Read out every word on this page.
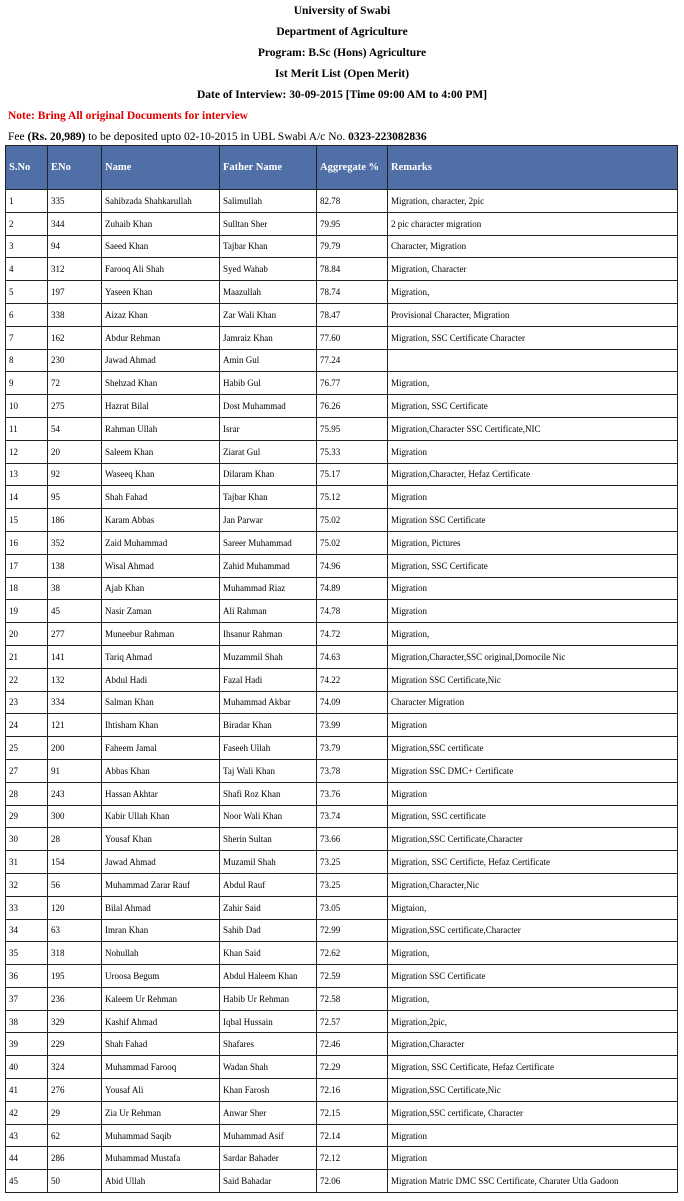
University of Swabi

Department of Agriculture

Program: B.Sc (Hons) Agriculture

Ist Merit List (Open Merit)

Date of Interview: 30-09-2015 [Time 09:00 AM to 4:00 PM]

Note: Bring All original Documents for interview

Fee (Rs. 20,989) to be deposited upto 02-10-2015 in UBL Swabi A/c No. 0323-223082836

S.No	ENo	Name	Father Name	Aggregate %	Remarks
1	335	Sahibzada Shahkarullah	Salimullah	82.78	Migration, character, 2pic
2	344	Zuhaib Khan	Sulltan Sher	79.95	2 pic character migration
3	94	Saeed Khan	Tajbar Khan	79.79	Character, Migration
4	312	Farooq Ali Shah	Syed Wahab	78.84	Migration, Character
5	197	Yaseen Khan	Maazullah	78.74	Migration,
6	338	Aizaz Khan	Zar Wali Khan	78.47	Provisional Character, Migration
7	162	Abdur Rehman	Jamraiz Khan	77.60	Migration, SSC Certificate Character
8	230	Jawad Ahmad	Amin Gul	77.24	
9	72	Shehzad Khan	Habib Gul	76.77	Migration,
10	275	Hazrat Bilal	Dost Muhammad	76.26	Migration, SSC Certificate
11	54	Rahman Ullah	Israr	75.95	Migration,Character SSC Certificate,NIC
12	20	Saleem Khan	Ziarat Gul	75.33	Migration
13	92	Waseeq Khan	Dilaram Khan	75.17	Migration,Character, Hefaz Certificate
14	95	Shah Fahad	Tajbar Khan	75.12	Migration
15	186	Karam Abbas	Jan Parwar	75.02	Migration SSC Certificate
16	352	Zaid Muhammad	Sareer Muhammad	75.02	Migration, Pictures
17	138	Wisal Ahmad	Zahid Muhammad	74.96	Migration, SSC Certificate
18	38	Ajab Khan	Muhammad Riaz	74.89	Migration
19	45	Nasir Zaman	Ali Rahman	74.78	Migration
20	277	Muneebur Rahman	Ihsanur Rahman	74.72	Migration,
21	141	Tariq Ahmad	Muzammil Shah	74.63	Migration,Character,SSC original,Domocile Nic
22	132	Abdul Hadi	Fazal Hadi	74.22	Migration SSC Certificate,Nic
23	334	Salman Khan	Muhammad Akbar	74.09	Character Migration
24	121	Ihtisham Khan	Biradar Khan	73.99	Migration
25	200	Faheem Jamal	Faseeh Ullah	73.79	Migration,SSC certificate
27	91	Abbas Khan	Taj Wali Khan	73.78	Migration SSC DMC+ Certificate
28	243	Hassan Akhtar	Shafi Roz Khan	73.76	Migration
29	300	Kabir Ullah Khan	Noor Wali Khan	73.74	Migration, SSC certificate
30	28	Yousaf Khan	Sherin Sultan	73.66	Migration,SSC Certificate,Character
31	154	Jawad Ahmad	Muzamil Shah	73.25	Migration, SSC Certificte, Hefaz Certificate
32	56	Muhammad Zarar Rauf	Abdul Rauf	73.25	Migration,Character,Nic
33	120	Bilal Ahmad	Zahir Said	73.05	Migtaion,
34	63	Imran Khan	Sahib Dad	72.99	Migration,SSC certificate,Character
35	318	Nohullah	Khan Said	72.62	Migration,
36	195	Uroosa Begum	Abdul Haleem Khan	72.59	Migration SSC Certificate
37	236	Kaleem Ur Rehman	Habib Ur Rehman	72.58	Migration,
38	329	Kashif Ahmad	Iqbal Hussain	72.57	Migration,2pic,
39	229	Shah Fahad	Shafares	72.46	Migration,Character
40	324	Muhammad Farooq	Wadan Shah	72.29	Migration, SSC Certificate, Hefaz Certificate
41	276	Yousaf Ali	Khan Farosh	72.16	Migration,SSC Certificate,Nic
42	29	Zia Ur Rehman	Anwar Sher	72.15	Migration,SSC certificate, Character
43	62	Muhammad Saqib	Muhammad Asif	72.14	Migration
44	286	Muhammad Mustafa	Sardar Bahader	72.12	Migration
45	50	Abid Ullah	Said Bahadar	72.06	Migration Matric DMC SSC Certificate, Charater Utla Gadoon
